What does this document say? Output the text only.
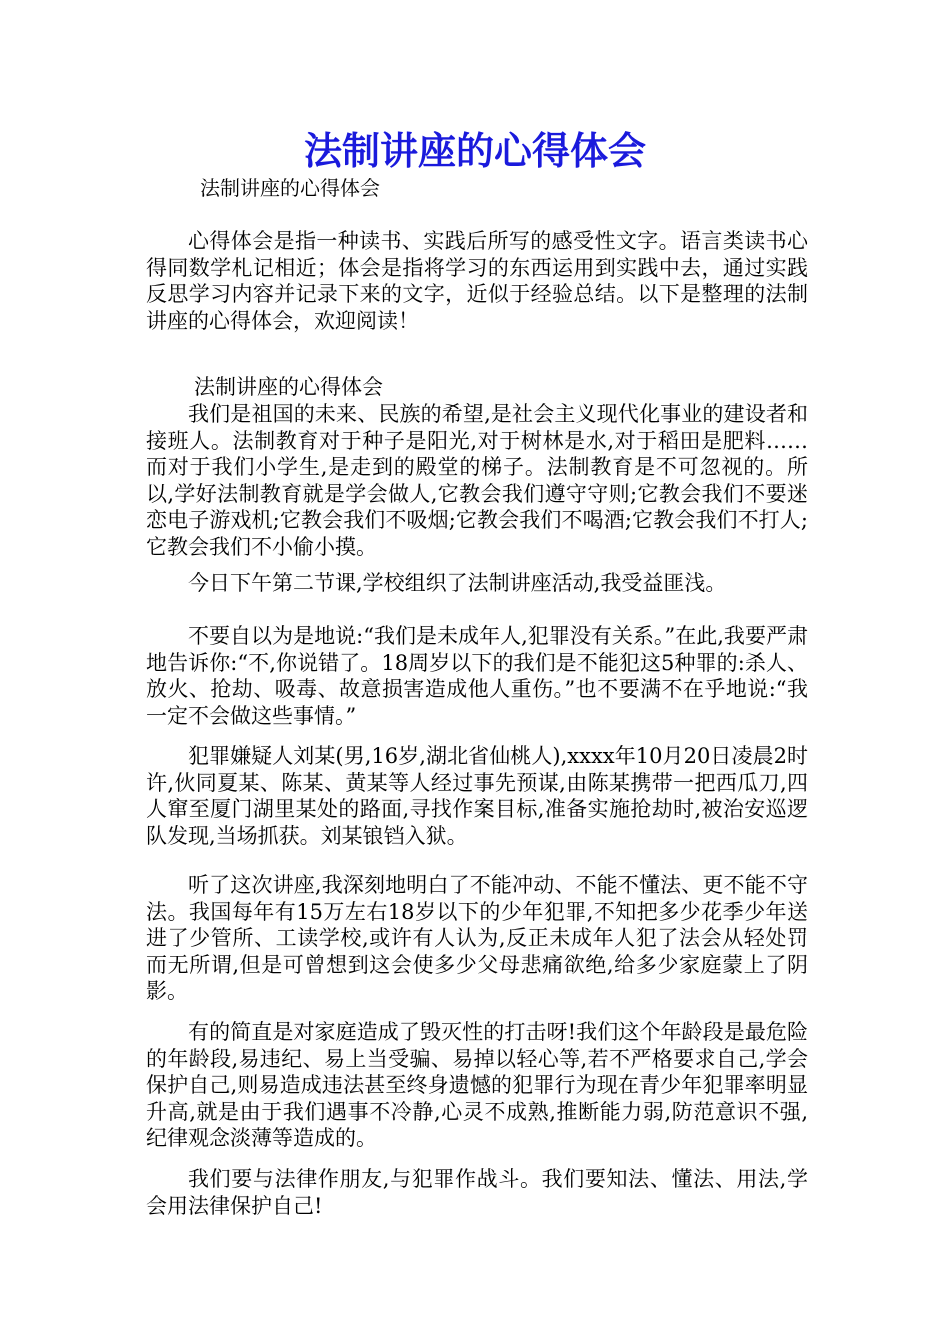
法制讲座的心得体会
法制讲座的心得体会

心得体会是指一种读书、实践后所写的感受性文字。语言类读书心得同数学札记相近；体会是指将学习的东西运用到实践中去，通过实践反思学习内容并记录下来的文字，近似于经验总结。以下是整理的法制讲座的心得体会，欢迎阅读！

法制讲座的心得体会

我们是祖国的未来、民族的希望,是社会主义现代化事业的建设者和接班人。法制教育对于种子是阳光,对于树林是水,对于稻田是肥料……而对于我们小学生,是走到的殿堂的梯子。法制教育是不可忽视的。所以,学好法制教育就是学会做人,它教会我们遵守守则;它教会我们不要迷恋电子游戏机;它教会我们不吸烟;它教会我们不喝酒;它教会我们不打人;它教会我们不小偷小摸。

今日下午第二节课,学校组织了法制讲座活动,我受益匪浅。

不要自以为是地说:“我们是未成年人,犯罪没有关系。”在此,我要严肃地告诉你:“不,你说错了。18周岁以下的我们是不能犯这5种罪的:杀人、放火、抢劫、吸毒、故意损害造成他人重伤。”也不要满不在乎地说:“我一定不会做这些事情。”

犯罪嫌疑人刘某(男,16岁,湖北省仙桃人),xxxx年10月20日凌晨2时许,伙同夏某、陈某、黄某等人经过事先预谋,由陈某携带一把西瓜刀,四人窜至厦门湖里某处的路面,寻找作案目标,准备实施抢劫时,被治安巡逻队发现,当场抓获。刘某锒铛入狱。

听了这次讲座,我深刻地明白了不能冲动、不能不懂法、更不能不守法。我国每年有15万左右18岁以下的少年犯罪,不知把多少花季少年送进了少管所、工读学校,或许有人认为,反正未成年人犯了法会从轻处罚而无所谓,但是可曾想到这会使多少父母悲痛欲绝,给多少家庭蒙上了阴影。

有的简直是对家庭造成了毁灭性的打击呀!我们这个年龄段是最危险的年龄段,易违纪、易上当受骗、易掉以轻心等,若不严格要求自己,学会保护自己,则易造成违法甚至终身遗憾的犯罪行为现在青少年犯罪率明显升高,就是由于我们遇事不冷静,心灵不成熟,推断能力弱,防范意识不强,纪律观念淡薄等造成的。

我们要与法律作朋友,与犯罪作战斗。我们要知法、懂法、用法,学会用法律保护自己!
